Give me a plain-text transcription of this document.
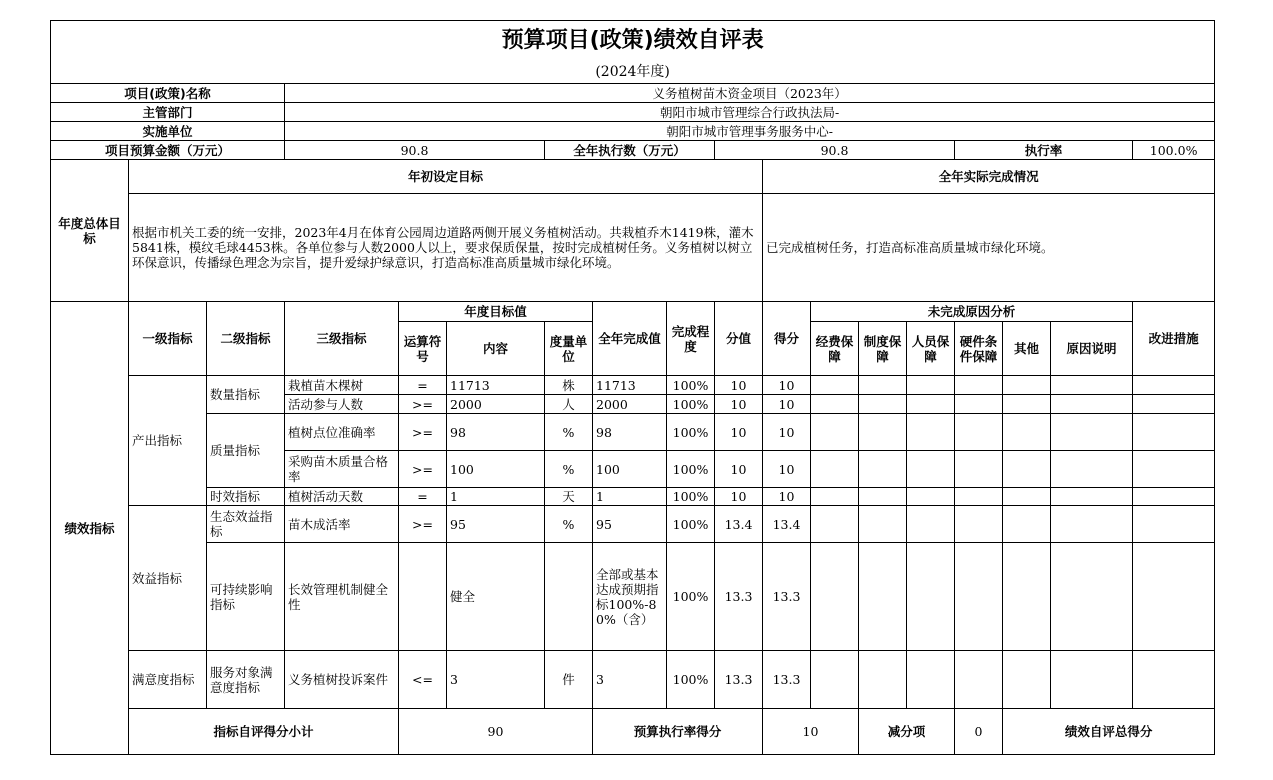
预算项目(政策)绩效自评表																		
(2024年度)																		
项目(政策)名称			义务植树苗木资金项目（2023年）															
主管部门			朝阳市城市管理综合行政执法局-															
实施单位			朝阳市城市管理事务服务中心-															
项目预算金额（万元）			90.8			全年执行数（万元）			90.8					执行率			100.0%	
年度总体目标	年初设定目标									全年实际完成情况								
	根据市机关工委的统一安排，2023年4月在体育公园周边道路两侧开展义务植树活动。共栽植乔木1419株，灌木5841株，模纹毛球4453株。各单位参与人数2000人以上，要求保质保量，按时完成植树任务。义务植树以树立环保意识，传播绿色理念为宗旨，提升爱绿护绿意识，打造高标准高质量城市绿化环境。									已完成植树任务，打造高标准高质量城市绿化环境。								
绩效指标	一级指标	二级指标	三级指标	年度目标值			全年完成值	完成程度	分值	得分	未完成原因分析						改进措施	
				运算符号	内容	度量单位					经费保障	制度保障	人员保障	硬件条件保障	其他	原因说明		
	产出指标	数量指标	栽植苗木棵树	=	11713	株	11713	100%	10	10								
			活动参与人数	>=	2000	人	2000	100%	10	10								
		质量指标	植树点位准确率	>=	98	%	98	100%	10	10								
			采购苗木质量合格率	>=	100	%	100	100%	10	10								
		时效指标	植树活动天数	=	1	天	1	100%	10	10								
	效益指标	生态效益指标	苗木成活率	>=	95	%	95	100%	13.4	13.4								
		可持续影响指标	长效管理机制健全性		健全		全部或基本达成预期指标100%-80%（含）	100%	13.3	13.3								
	满意度指标	服务对象满意度指标	义务植树投诉案件	<=	3	件	3	100%	13.3	13.3								
	指标自评得分小计			90			预算执行率得分			10		减分项		0	绩效自评总得分	
